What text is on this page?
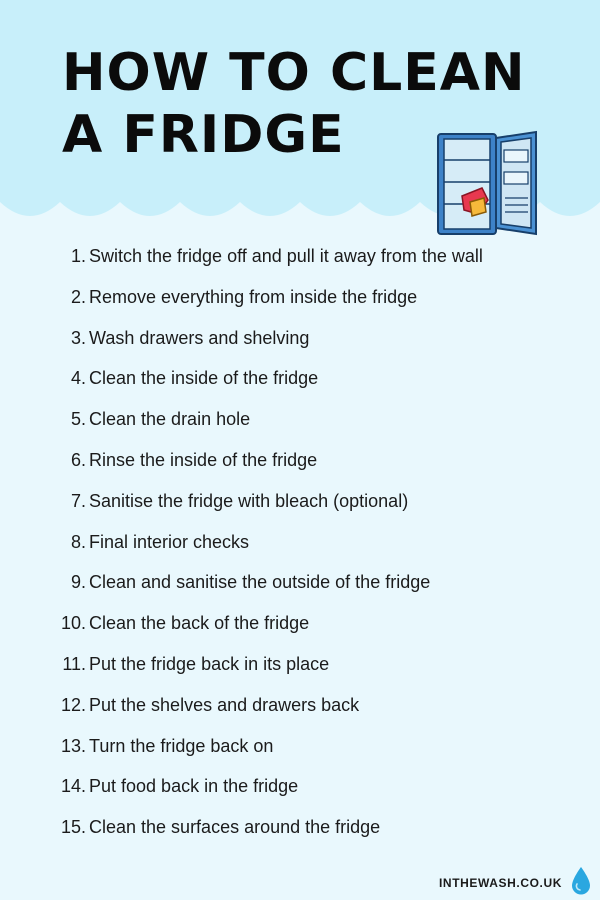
HOW TO CLEAN
A FRIDGE
1. Switch the fridge off and pull it away from the wall
2. Remove everything from inside the fridge
3. Wash drawers and shelving
4. Clean the inside of the fridge
5. Clean the drain hole
6. Rinse the inside of the fridge
7. Sanitise the fridge with bleach (optional)
8. Final interior checks
9. Clean and sanitise the outside of the fridge
10. Clean the back of the fridge
11. Put the fridge back in its place
12. Put the shelves and drawers back
13. Turn the fridge back on
14. Put food back in the fridge
15. Clean the surfaces around the fridge
INTHEWASH.CO.UK
